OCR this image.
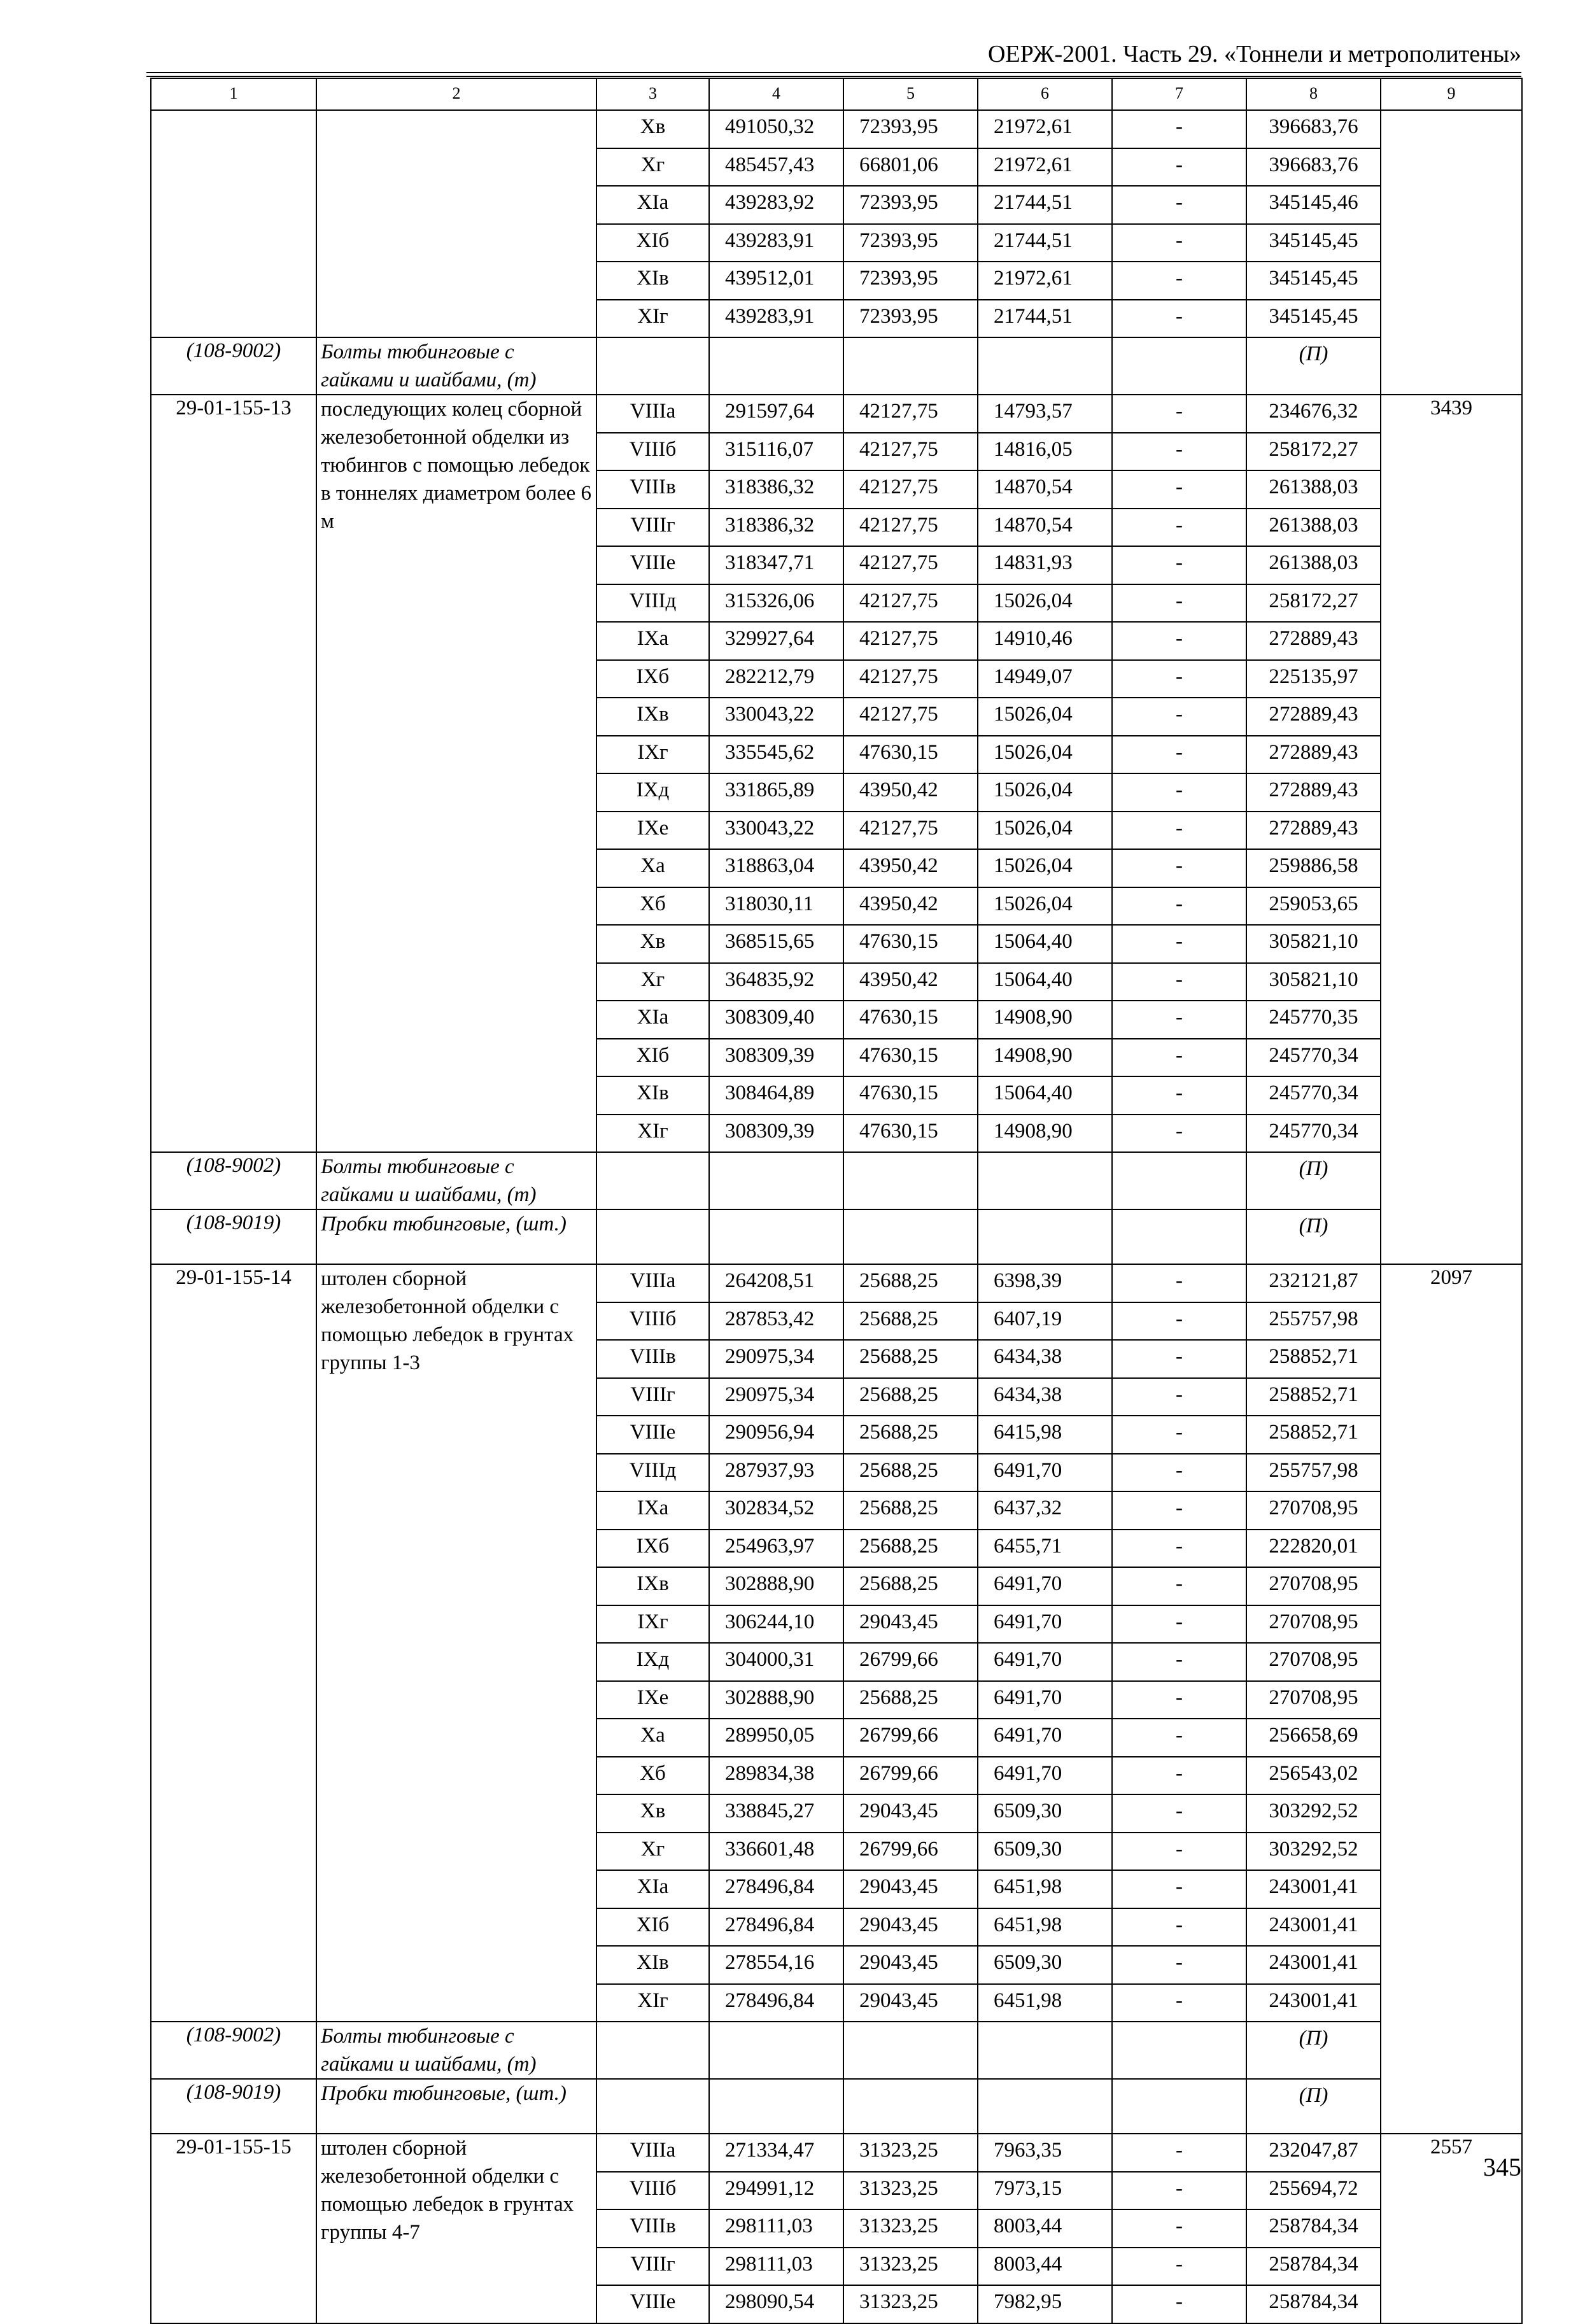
ОЕРЖ-2001. Часть 29. «Тоннели и метрополитены»
1	2	3	4	5	6	7	8	9
		Xв	491050,32	72393,95	21972,61	-	396683,76	
		Xг	485457,43	66801,06	21972,61	-	396683,76	
		XIа	439283,92	72393,95	21744,51	-	345145,46	
		XIб	439283,91	72393,95	21744,51	-	345145,45	
		XIв	439512,01	72393,95	21972,61	-	345145,45	
		XIг	439283,91	72393,95	21744,51	-	345145,45	
(108-9002)	Болты тюбинговые с гайками и шайбами, (т)						(П)	
29-01-155-13	последующих колец сборной железобетонной обделки из тюбингов с помощью лебедок в тоннелях диаметром более 6 м	VIIIа	291597,64	42127,75	14793,57	-	234676,32	3439
		VIIIб	315116,07	42127,75	14816,05	-	258172,27	
		VIIIв	318386,32	42127,75	14870,54	-	261388,03	
		VIIIг	318386,32	42127,75	14870,54	-	261388,03	
		VIIIе	318347,71	42127,75	14831,93	-	261388,03	
		VIIIд	315326,06	42127,75	15026,04	-	258172,27	
		IXа	329927,64	42127,75	14910,46	-	272889,43	
		IXб	282212,79	42127,75	14949,07	-	225135,97	
		IXв	330043,22	42127,75	15026,04	-	272889,43	
		IXг	335545,62	47630,15	15026,04	-	272889,43	
		IXд	331865,89	43950,42	15026,04	-	272889,43	
		IXе	330043,22	42127,75	15026,04	-	272889,43	
		Xа	318863,04	43950,42	15026,04	-	259886,58	
		Xб	318030,11	43950,42	15026,04	-	259053,65	
		Xв	368515,65	47630,15	15064,40	-	305821,10	
		Xг	364835,92	43950,42	15064,40	-	305821,10	
		XIа	308309,40	47630,15	14908,90	-	245770,35	
		XIб	308309,39	47630,15	14908,90	-	245770,34	
		XIв	308464,89	47630,15	15064,40	-	245770,34	
		XIг	308309,39	47630,15	14908,90	-	245770,34	
(108-9002)	Болты тюбинговые с гайками и шайбами, (т)						(П)	
(108-9019)	Пробки тюбинговые, (шт.)						(П)	
29-01-155-14	штолен сборной железобетонной обделки с помощью лебедок в грунтах группы 1-3	VIIIа	264208,51	25688,25	6398,39	-	232121,87	2097
		VIIIб	287853,42	25688,25	6407,19	-	255757,98	
		VIIIв	290975,34	25688,25	6434,38	-	258852,71	
		VIIIг	290975,34	25688,25	6434,38	-	258852,71	
		VIIIе	290956,94	25688,25	6415,98	-	258852,71	
		VIIIд	287937,93	25688,25	6491,70	-	255757,98	
		IXа	302834,52	25688,25	6437,32	-	270708,95	
		IXб	254963,97	25688,25	6455,71	-	222820,01	
		IXв	302888,90	25688,25	6491,70	-	270708,95	
		IXг	306244,10	29043,45	6491,70	-	270708,95	
		IXд	304000,31	26799,66	6491,70	-	270708,95	
		IXе	302888,90	25688,25	6491,70	-	270708,95	
		Xа	289950,05	26799,66	6491,70	-	256658,69	
		Xб	289834,38	26799,66	6491,70	-	256543,02	
		Xв	338845,27	29043,45	6509,30	-	303292,52	
		Xг	336601,48	26799,66	6509,30	-	303292,52	
		XIа	278496,84	29043,45	6451,98	-	243001,41	
		XIб	278496,84	29043,45	6451,98	-	243001,41	
		XIв	278554,16	29043,45	6509,30	-	243001,41	
		XIг	278496,84	29043,45	6451,98	-	243001,41	
(108-9002)	Болты тюбинговые с гайками и шайбами, (т)						(П)	
(108-9019)	Пробки тюбинговые, (шт.)						(П)	
29-01-155-15	штолен сборной железобетонной обделки с помощью лебедок в грунтах группы 4-7	VIIIа	271334,47	31323,25	7963,35	-	232047,87	2557
		VIIIб	294991,12	31323,25	7973,15	-	255694,72	
		VIIIв	298111,03	31323,25	8003,44	-	258784,34	
		VIIIг	298111,03	31323,25	8003,44	-	258784,34	
		VIIIе	298090,54	31323,25	7982,95	-	258784,34	
345
